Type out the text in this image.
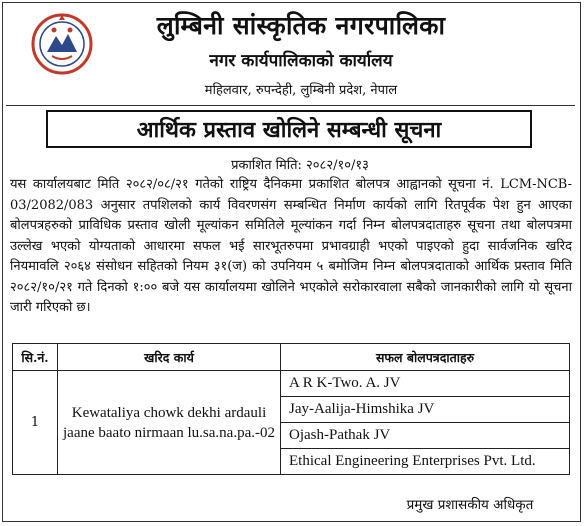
लुम्बिनी सांस्कृतिक नगरपालिका
नगर कार्यपालिकाको कार्यालय
महिलवार, रुपन्देही, लुम्बिनी प्रदेश, नेपाल
आर्थिक प्रस्ताव खोलिने सम्बन्धी सूचना
प्रकाशित मिति: २०८२/१०/१३
यस कार्यालयबाट मिति २०८२/०८/२१ गतेको राष्ट्रिय दैनिकमा प्रकाशित बोलपत्र आह्वानको सूचना नं. LCM-NCB-03/2082/083 अनुसार तपशिलको कार्य विवरणसंग सम्बन्धित निर्माण कार्यको लागि रितपूर्वक पेश हुन आएका बोलपत्रहरुको प्राविधिक प्रस्ताव खोली मूल्यांकन समितिले मूल्यांकन गर्दा निम्न बोलपत्रदाताहरु सूचना तथा बोलपत्रमा उल्लेख भएको योग्यताको आधारमा सफल भई सारभूतरुपमा प्रभावग्राही भएको पाइएको हुदा सार्वजनिक खरिद नियमावलि २०६४ संसोधन सहितको नियम ३१(ज) को उपनियम ५ बमोजिम निम्न बोलपत्रदाताको आर्थिक प्रस्ताव मिति २०८२/१०/२१ गते दिनको १:०० बजे यस कार्यालयमा खोलिने भएकोले सरोकारवाला सबैको जानकारीको लागि यो सूचना जारी गरिएको छ।
सि.नं.	खरिद कार्य	सफल बोलपत्रदाताहरु
1	Kewataliya chowk dekhi ardauli jaane baato nirmaan lu.sa.na.pa.-02	A R K-Two. A. JV
		Jay-Aalija-Himshika JV
		Ojash-Pathak JV
		Ethical Engineering Enterprises Pvt. Ltd.
प्रमुख प्रशासकीय अधिकृत
